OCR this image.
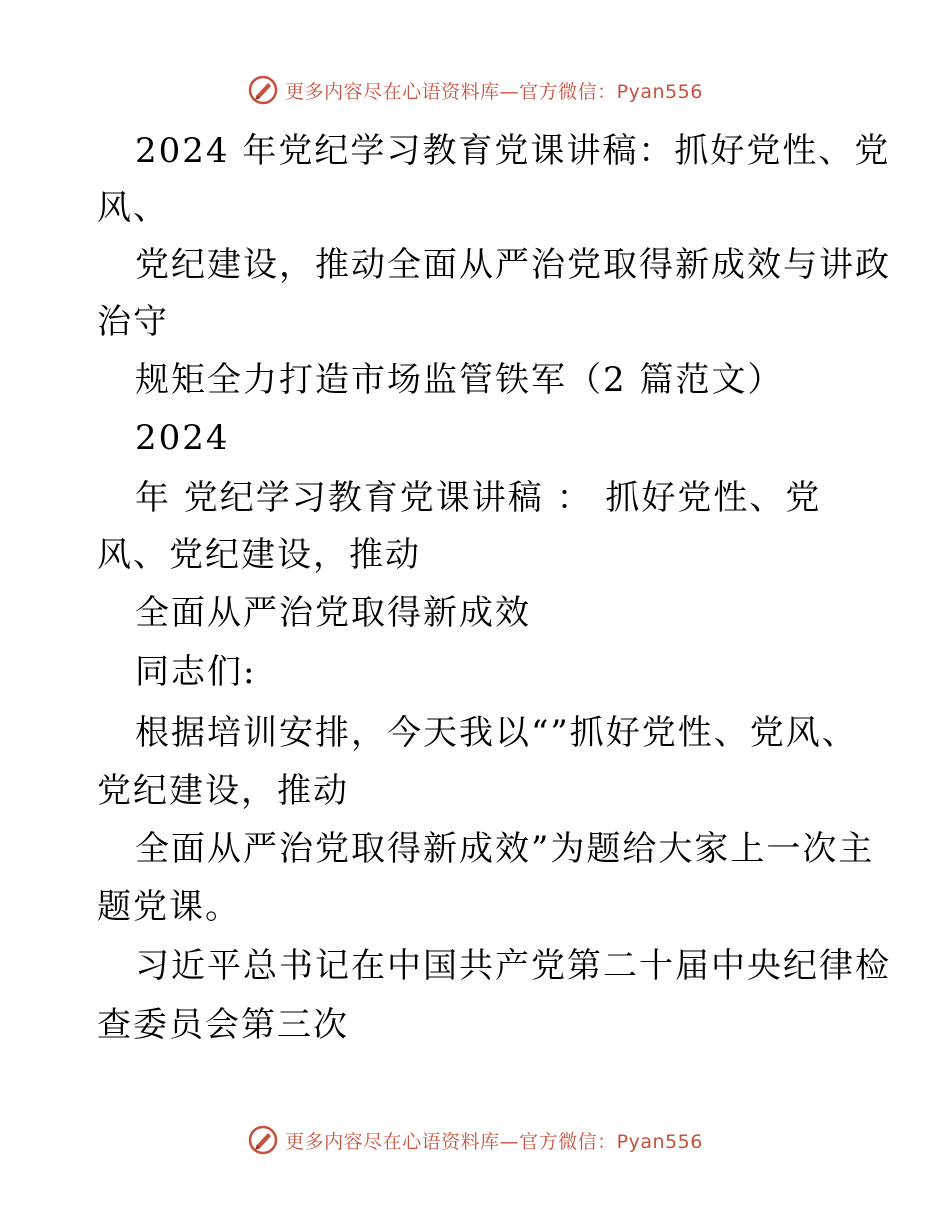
更多内容尽在心语资料库—官方微信：Pyan556
2024 年党纪学习教育党课讲稿：抓好党性、党
风、
党纪建设，推动全面从严治党取得新成效与讲政
治守
规矩全力打造市场监管铁军（2 篇范文）
2024
年 党纪学习教育党课讲稿 ： 抓好党性、党
风、党纪建设，推动
全面从严治党取得新成效
同志们:
根据培训安排，今天我以“”抓好党性、党风、
党纪建设，推动
全面从严治党取得新成效”为题给大家上一次主
题党课。
习近平总书记在中国共产党第二十届中央纪律检
查委员会第三次
更多内容尽在心语资料库—官方微信：Pyan556
